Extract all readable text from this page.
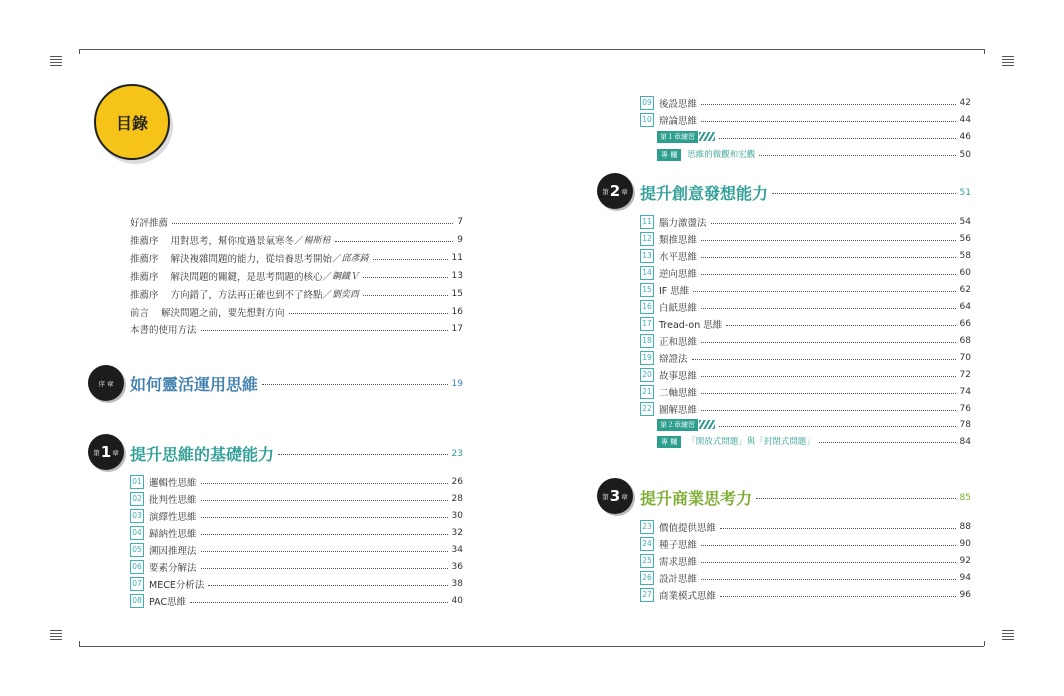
目錄
好評推薦	7
推薦序 用對思考，幫你度過景氣寒冬／ 楊斯棓	9
推薦序 解決複雜問題的能力，從培養思考開始／ 邱彥錡	11
推薦序 解決問題的關鍵，是思考問題的核心／ 鋼鐵Ｖ	13
推薦序 方向錯了，方法再正確也到不了終點／ 劉奕酉	15
前言 解決問題之前，要先想對方向	16
本書的使用方法	17
序 章 如何靈活運用思維	19
第 1 章 提升思維的基礎能力	23
01 邏輯性思維	26
02 批判性思維	28
03 演繹性思維	30
04 歸納性思維	32
05 溯因推理法	34
06 要素分解法	36
07 MECE分析法	38
08 PAC思維	40
09 後設思維	42
10 辯論思維	44
第１章練習	46
專 欄 思維的微觀和宏觀	50
第 2 章 提升創意發想能力	51
11 腦力激盪法	54
12 類推思維	56
13 水平思維	58
14 逆向思維	60
15 IF 思維	62
16 白紙思維	64
17 Tread-on 思維	66
18 正和思維	68
19 辯證法	70
20 故事思維	72
21 二軸思維	74
22 圖解思維	76
第２章練習	78
專 欄 「開放式問題」與「封閉式問題」	84
第 3 章 提升商業思考力	85
23 價值提供思維	88
24 種子思維	90
25 需求思維	92
26 設計思維	94
27 商業模式思維	96
